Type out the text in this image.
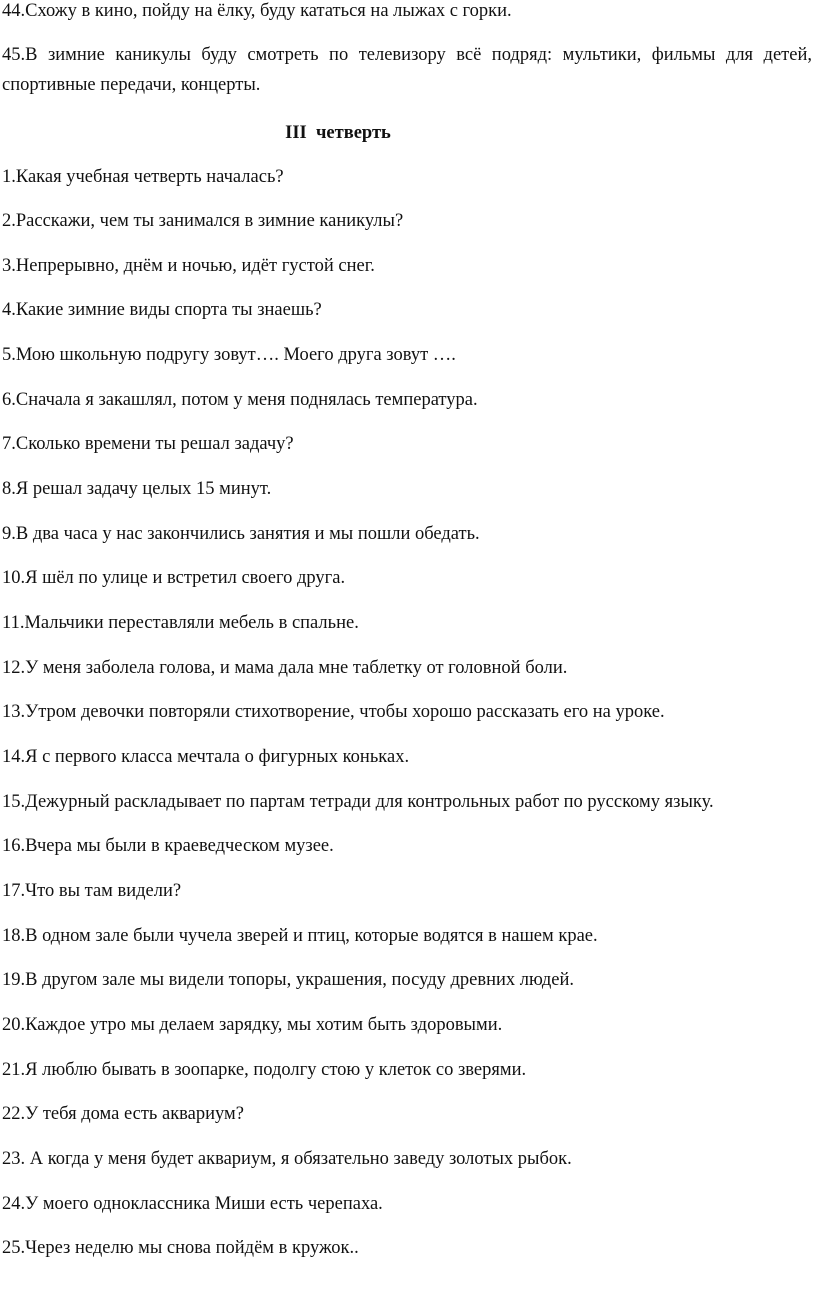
44.Схожу в кино, пойду на ёлку, буду кататься на лыжах с горки.
45.В зимние каникулы буду смотреть по телевизору всё подряд: мультики, фильмы для детей, спортивные передачи, концерты.
III  четверть
1.Какая учебная четверть началась?
2.Расскажи, чем ты занимался в зимние каникулы?
3.Непрерывно, днём и ночью, идёт густой снег.
4.Какие зимние виды спорта ты знаешь?
5.Мою школьную подругу зовут…. Моего друга зовут ….
6.Сначала я закашлял, потом у меня поднялась температура.
7.Сколько времени ты решал задачу?
8.Я решал задачу целых 15 минут.
9.В два часа у нас закончились занятия и мы пошли обедать.
10.Я шёл по улице и встретил своего друга.
11.Мальчики переставляли мебель в спальне.
12.У меня заболела голова, и мама дала мне таблетку от головной боли.
13.Утром девочки повторяли стихотворение, чтобы хорошо рассказать его на уроке.
14.Я с первого класса мечтала о фигурных коньках.
15.Дежурный раскладывает по партам тетради для контрольных работ по русскому языку.
16.Вчера мы были в краеведческом музее.
17.Что вы там видели?
18.В одном зале были чучела зверей и птиц, которые водятся в нашем крае.
19.В другом зале мы видели топоры, украшения, посуду древних людей.
20.Каждое утро мы делаем зарядку, мы хотим быть здоровыми.
21.Я люблю бывать в зоопарке, подолгу стою у клеток со зверями.
22.У тебя дома есть аквариум?
23. А когда у меня будет аквариум, я обязательно заведу золотых рыбок.
24.У моего одноклассника Миши есть черепаха.
25.Через неделю мы снова пойдём в кружок..
